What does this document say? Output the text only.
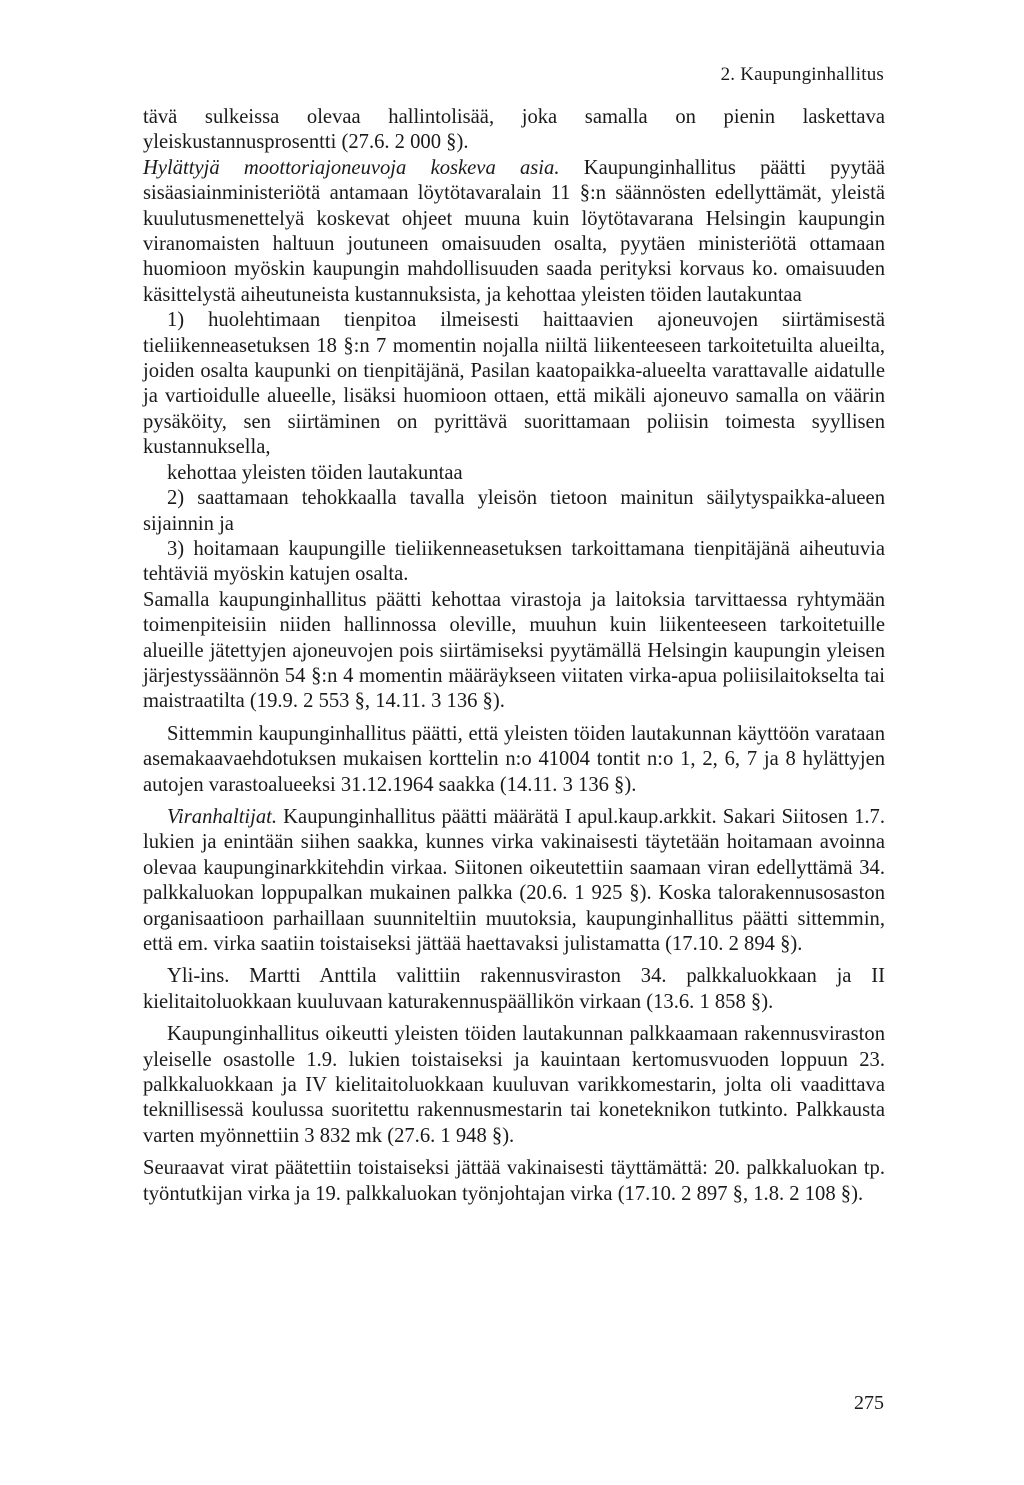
2. Kaupunginhallitus

tävä sulkeissa olevaa hallintolisää, joka samalla on pienin laskettava yleiskustannusprosentti (27.6. 2 000 §).

Hylättyjä moottoriajoneuvoja koskeva asia. Kaupunginhallitus päätti pyytää sisäasiainministeriötä antamaan löytötavaralain 11 §:n säännösten edellyttämät, yleistä kuulutusmenettelyä koskevat ohjeet muuna kuin löytötavarana Helsingin kaupungin viranomaisten haltuun joutuneen omaisuuden osalta, pyytäen ministeriötä ottamaan huomioon myöskin kaupungin mahdollisuuden saada perityksi korvaus ko. omaisuuden käsittelystä aiheutuneista kustannuksista, ja kehottaa yleisten töiden lautakuntaa

1) huolehtimaan tienpitoa ilmeisesti haittaavien ajoneuvojen siirtämisestä tieliikenneasetuksen 18 §:n 7 momentin nojalla niiltä liikenteeseen tarkoitetuilta alueilta, joiden osalta kaupunki on tienpitäjänä, Pasilan kaatopaikka-alueelta varattavalle aidatulle ja vartioidulle alueelle, lisäksi huomioon ottaen, että mikäli ajoneuvo samalla on väärin pysäköity, sen siirtäminen on pyrittävä suorittamaan poliisin toimesta syyllisen kustannuksella,

kehottaa yleisten töiden lautakuntaa

2) saattamaan tehokkaalla tavalla yleisön tietoon mainitun säilytyspaikka-alueen sijainnin ja

3) hoitamaan kaupungille tieliikenneasetuksen tarkoittamana tienpitäjänä aiheutuvia tehtäviä myöskin katujen osalta.

Samalla kaupunginhallitus päätti kehottaa virastoja ja laitoksia tarvittaessa ryhtymään toimenpiteisiin niiden hallinnossa oleville, muuhun kuin liikenteeseen tarkoitetuille alueille jätettyjen ajoneuvojen pois siirtämiseksi pyytämällä Helsingin kaupungin yleisen järjestyssäännön 54 §:n 4 momentin määräykseen viitaten virka-apua poliisilaitokselta tai maistraatilta (19.9. 2 553 §, 14.11. 3 136 §).

Sittemmin kaupunginhallitus päätti, että yleisten töiden lautakunnan käyttöön varataan asemakaavaehdotuksen mukaisen korttelin n:o 41004 tontit n:o 1, 2, 6, 7 ja 8 hylättyjen autojen varastoalueeksi 31.12.1964 saakka (14.11. 3 136 §).

Viranhaltijat. Kaupunginhallitus päätti määrätä I apul.kaup.arkkit. Sakari Siitosen 1.7. lukien ja enintään siihen saakka, kunnes virka vakinaisesti täytetään hoitamaan avoinna olevaa kaupunginarkkitehdin virkaa. Siitonen oikeutettiin saamaan viran edellyttämä 34. palkkaluokan loppupalkan mukainen palkka (20.6. 1 925 §). Koska talorakennusosaston organisaatioon parhaillaan suunniteltiin muutoksia, kaupunginhallitus päätti sittemmin, että em. virka saatiin toistaiseksi jättää haettavaksi julistamatta (17.10. 2 894 §).

Yli-ins. Martti Anttila valittiin rakennusviraston 34. palkkaluokkaan ja II kielitaitoluokkaan kuuluvaan katurakennuspäällikön virkaan (13.6. 1 858 §).

Kaupunginhallitus oikeutti yleisten töiden lautakunnan palkkaamaan rakennusviraston yleiselle osastolle 1.9. lukien toistaiseksi ja kauintaan kertomusvuoden loppuun 23. palkkaluokkaan ja IV kielitaitoluokkaan kuuluvan varikkomestarin, jolta oli vaadittava teknillisessä koulussa suoritettu rakennusmestarin tai koneteknikon tutkinto. Palkkausta varten myönnettiin 3 832 mk (27.6. 1 948 §).

Seuraavat virat päätettiin toistaiseksi jättää vakinaisesti täyttämättä: 20. palkkaluokan tp. työntutkijan virka ja 19. palkkaluokan työnjohtajan virka (17.10. 2 897 §, 1.8. 2 108 §).

275
